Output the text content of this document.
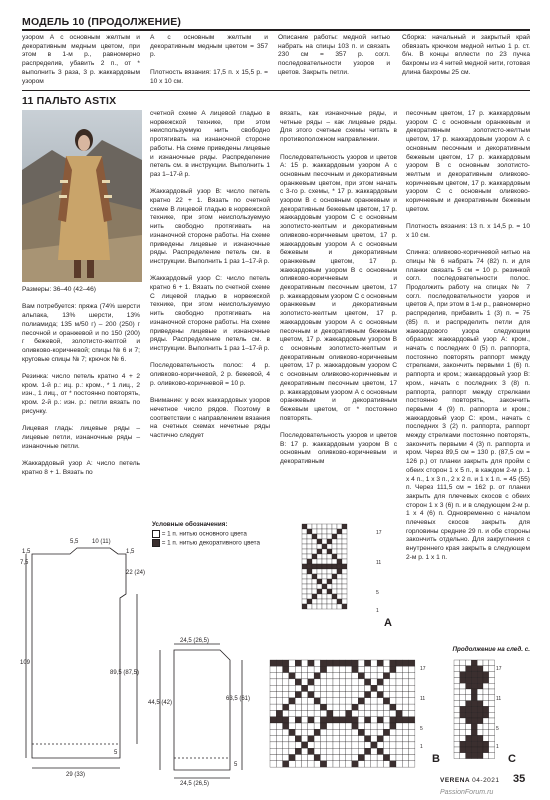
МОДЕЛЬ 10 (ПРОДОЛЖЕНИЕ)
узором А с основным желтым и декоративным медным цветом, при этом в 1-м р., равномерно распределив, убавить 2 п., от * выполнить 3 раза, 3 р. жаккардовым узором
А с основным желтым и декоративным медным цветом = 357 р.

Плотность вязания: 17,5 п. х 15,5 р. = 10 х 10 см.
Описание работы: медной нитью набрать на спицы 103 п. и связать 230 см = 357 р. согл. последовательности узоров и цветов. Закрыть петли.
Сборка: начальный и закрытый край обвязать крючком медной нитью 1 р. ст. б/н. В концы вплести по 23 пучка бахромы из 4 нитей медной нити, готовая длина бахромы 25 см.
11 ПАЛЬТО ASTIX
Размеры: 36–40 (42–46)

Вам потребуется: пряжа (74% шерсти альпака, 13% шерсти, 13% полиамида; 135 м/50 г) – 200 (250) г песочной и оранжевой и по 150 (200) г бежевой, золотисто-желтой и оливково-коричневой; спицы № 6 и 7; круговые спицы № 7; крючок № 6.

Резинка: число петель кратно 4 + 2 кром. 1-й р.: иц. р.: кром., * 1 лиц., 2 изн., 1 лиц., от * постоянно повторять, кром. 2-й р.: изн. р.: петли вязать по рисунку.

Лицевая гладь: лицевые ряды – лицевые петли, изнаночные ряды – изнаночные петли.

Жаккардовый узор А: число петель кратно 8 + 1. Вязать по
счетной схеме А лицевой гладью в норвежской технике, при этом неиспользуемую нить свободно протягивать на изнаночной стороне работы. На схеме приведены лицевые и изнаночные ряды. Распределение петель см. в инструкции. Выполнить 1 раз 1–17-й р.

Жаккардовый узор В: число петель кратно 22 + 1. Вязать по счетной схеме В лицевой гладью в норвежской технике, при этом неиспользуемую нить свободно протягивать на изнаночной стороне работы. На схеме приведены лицевые и изнаночные ряды. Распределение петель см. в инструкции. Выполнить 1 раз 1–17-й р.

Жаккардовый узор С: число петель кратно 6 + 1. Вязать по счетной схеме С лицевой гладью в норвежской технике, при этом неиспользуемую нить свободно протягивать на изнаночной стороне работы. На схеме приведены лицевые и изнаночные ряды. Распределение петель см. в инструкции. Выполнить 1 раз 1–17-й р.

Последовательность полос: 4 р. оливково-коричневой, 2 р. бежевой, 4 р. оливково-коричневой = 10 р.

Внимание: у всех жаккардовых узоров нечетное число рядов. Поэтому в соответствии с направлением вязания на счетных схемах нечетные ряды частично следует
вязать, как изнаночные ряды, и четные ряды – как лицевые ряды. Для этого счетные схемы читать в противоположном направлении.

Последовательность узоров и цветов А: 15 р. жаккардовым узором А с основным песочным и декоративным оранжевым цветом, при этом начать с 3-го р. схемы, * 17 р. жаккардовым узором В с основным оранжевым и декоративным бежевым цветом, 17 р. жаккардовым узором С с основным золотисто-желтым и декоративным оливково-коричневым цветом, 17 р. жаккардовым узором А с основным бежевым и декоративным оранжевым цветом, 17 р. жаккардовым узором В с основным оливково-коричневым и декоративным песочным цветом, 17 р. жаккардовым узором С с основным оранжевым и декоративным золотисто-желтым цветом, 17 р. жаккардовым узором А с основным песочным и декоративным бежевым цветом, 17 р. жаккардовым узором В с основным золотисто-желтым и декоративным оливково-коричневым цветом, 17 р. жаккардовым узором С с основным оливково-коричневым и декоративным песочным цветом, 17 р. жаккардовым узором А с основным оранжевым и декоративным бежевым цветом, от * постоянно повторять.

Последовательность узоров и цветов В: 17 р. жаккардовым узором В с основным оливково-коричневым и декоративным
песочным цветом, 17 р. жаккардовым узором С с основным оранжевым и декоративным золотисто-желтым цветом, 17 р. жаккардовым узором А с основным песочным и декоративным бежевым цветом, 17 р. жаккардовым узором В с основным золотисто-желтым и декоративным оливково-коричневым цветом, 17 р. жаккардовым узором С с основным оливково-коричневым и декоративным бежевым цветом.

Плотность вязания: 13 п. х 14,5 р. = 10 х 10 см.

Спинка: оливково-коричневой нитью на спицы № 6 набрать 74 (82) п. и для планки связать 5 см = 10 р. резинкой согл. последовательности полос. Продолжить работу на спицах № 7 согл. последовательности узоров и цветов А, при этом в 1-м р., равномерно распределив, прибавить 1 (3) п. = 75 (85) п. и распределить петли для жаккардового узора следующим образом: жаккардовый узор А: кром., начать с последних 0 (5) п. раппорта, постоянно повторять раппорт между стрелками, закончить первыми 1 (6) п. раппорта и кром.; жаккардовый узор В: кром., начать с последних 3 (8) п. раппорта, раппорт между стрелками постоянно повторять, закончить первыми 4 (9) п. раппорта и кром.; жаккардовый узор С: кром., начать с последних 3 (2) п. раппорта, раппорт между стрелками постоянно повторять, закончить первыми 4 (3) п. раппорта и кром. Через 89,5 см = 130 р. (87,5 см = 126 р.) от планки закрыть для пройм с обеих сторон 1 х 5 п., в каждом 2-м р. 1 х 4 п., 1 х 3 п., 2 х 2 п. и 1 х 1 п. = 45 (55) п. Через 111,5 см = 162 р. от планки закрыть для плечевых скосов с обеих сторон 1 х 3 (6) п. и в следующем 2-м р. 1 х 4 (6) п. Одновременно с началом плечевых скосов закрыть для горловины средние 29 п. и обе стороны закончить отдельно. Для закругления с внутреннего края закрыть в следующем 2-м р. 1 х 1 п.
Продолжение на след. с.
Условные обозначения:
= 1 п. нитью основного цвета
= 1 п. нитью декоративного цвета
1,5
5,5 10 (11)
1,5
7,5
22 (24)
109
89,5 (87,5)
5
29 (33)
24,5 (26,5)
44,5 (42)
63,5 (61)
5
24,5 (26,5)
17
11
5
1
A
17
11
5
1
B
17
11
5
1
C
VERENA 04-2021 35
PassionForum.ru
